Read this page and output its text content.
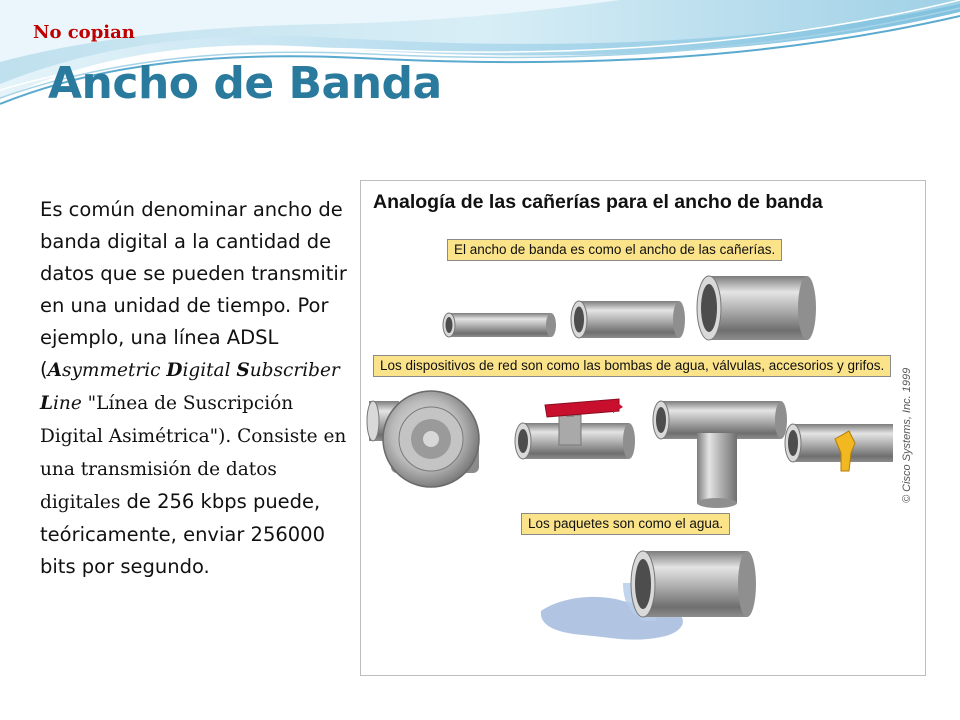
No copian
Ancho de Banda
Es común denominar ancho de banda digital a la cantidad de datos que se pueden transmitir en una unidad de tiempo. Por ejemplo, una línea ADSL (Asymmetric Digital Subscriber Line "Línea de Suscripción Digital Asimétrica"). Consiste en una transmisión de datos digitales de 256 kbps puede, teóricamente, enviar 256000 bits por segundo.
Analogía de las cañerías para el ancho de banda
El ancho de banda es como el ancho de las cañerías.
Los dispositivos de red son como las bombas de agua, válvulas, accesorios y grifos.
Los paquetes son como el agua.
© Cisco Systems, Inc. 1999
